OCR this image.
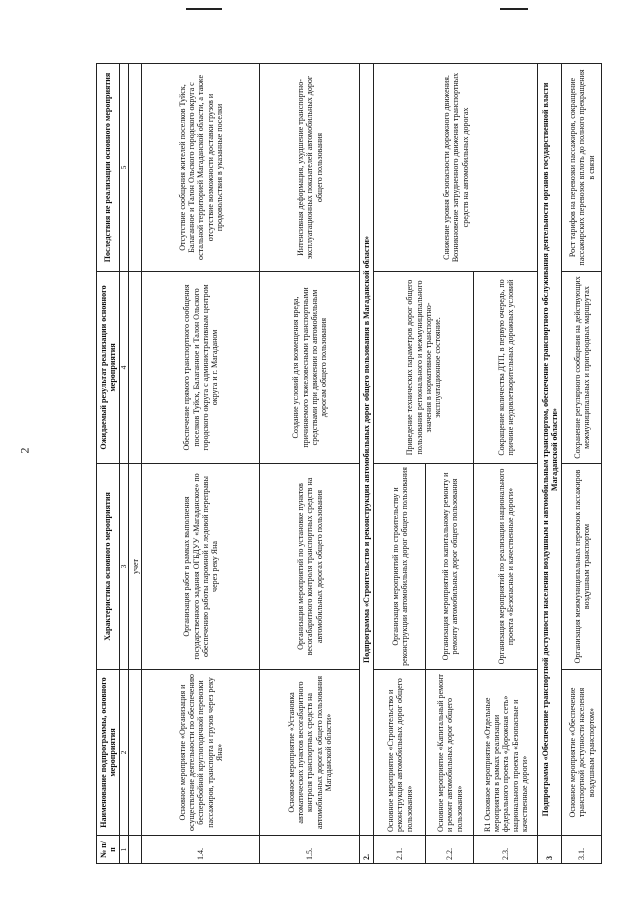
2
№ п/п	Наименование подпрограммы, основного мероприятия	Характеристика основного мероприятия	Ожидаемый результат реализации основного мероприятия	Последствия не реализации основного мероприятия
1	2	3	4	5
		учет		
1.4.	Основное мероприятие «Организация и осуществление деятельности по обеспечению бесперебойной круглогодичной перевозки пассажиров, транспорта и грузов через реку Яна»	Организация работ в рамках выполнения государственного задания ОГБДУУ «Магаданское» по обеспечению работы паромной и ледовой переправы через реку Яна	Обеспечение прямого транспортного сообщения поселков Туйск, Балаганное и Талон Ольского городского округа с административным центром округа и г. Магаданом	Отсутствие сообщения жителей поселков Туйск, Балаганное и Талон Ольского городского округа с остальной территорией Магаданской области, а также отсутствие возможности доставки грузов и продовольствия в указанные поселки
1.5.	Основное мероприятие «Установка автоматических пунктов весогабаритного контроля транспортных средств на автомобильных дорогах общего пользования Магаданской области»	Организация мероприятий по установке пунктов весогабаритного контроля транспортных средств на автомобильных дорогах общего пользования	Создание условий для возмещения вреда, причиняемого тяжеловесными транспортными средствами при движении по автомобильным дорогам общего пользования	Интенсивная деформация, ухудшение транспортно-эксплуатационных показателей автомобильных дорог общего пользования
2.	Подпрограмма «Строительство и реконструкция автомобильных дорог общего пользования в Магаданской области»			
2.1.	Основное мероприятие «Строительство и реконструкция автомобильных дорог общего пользования»	Организация мероприятий по строительству и реконструкции автомобильных дорог общего пользования	Приведение технических параметров дорог общего пользования регионального и межмуниципального значения в нормативное транспортно-эксплуатационное состояние.	Снижение уровня безопасности дорожного движения. Возникновение затрудненного движения транспортных средств на автомобильных дорогах
2.2.	Основное мероприятие «Капитальный ремонт и ремонт автомобильных дорог общего пользования»	Организация мероприятий по капитальному ремонту и ремонту автомобильных дорог общего пользования		
2.3.	R1 Основное мероприятие «Отдельные мероприятия в рамках реализации федерального проекта «Дорожная сеть» национального проекта «Безопасные и качественные дороги»	Организация мероприятий по реализации национального проекта «Безопасные и качественные дороги»	Сокращение количества ДТП, в первую очередь, по причине неудовлетворительных дорожных условий	
3	Подпрограмма «Обеспечение транспортной доступности населения воздушным и автомобильным транспортом, обеспечение транспортного обслуживания деятельности органов государственной власти Магаданской области»			
3.1.	Основное мероприятие «Обеспечение транспортной доступности населения воздушным транспортом»	Организация межмуниципальных перевозок пассажиров воздушным транспортом	Сохранение регулярного сообщения на действующих межмуниципальных и пригородных маршрутах	Рост тарифов на перевозки пассажиров, сокращение пассажирских перевозок вплоть до полного прекращения в связи
